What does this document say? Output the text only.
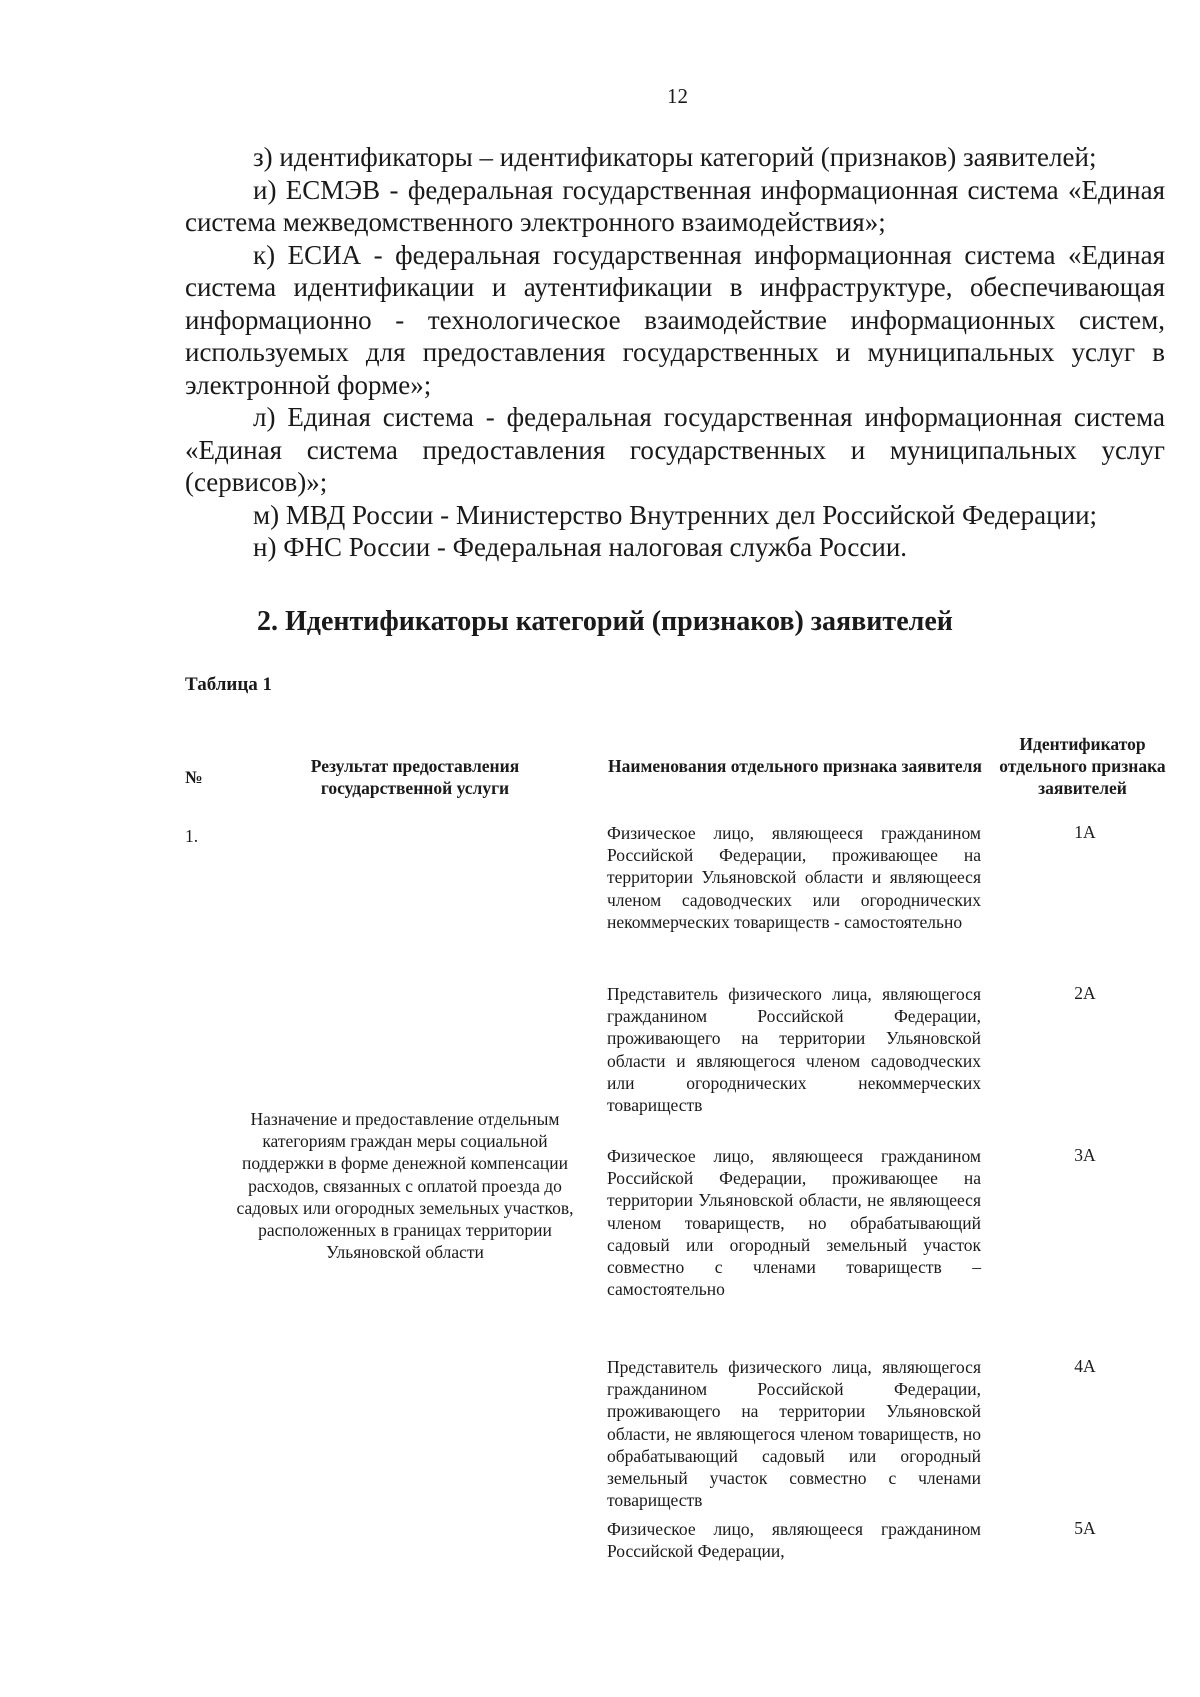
12

з) идентификаторы – идентификаторы категорий (признаков) заявителей;

и) ЕСМЭВ - федеральная государственная информационная система «Единая система межведомственного электронного взаимодействия»;

к) ЕСИА - федеральная государственная информационная система «Единая система идентификации и аутентификации в инфраструктуре, обеспечивающая информационно - технологическое взаимодействие информационных систем, используемых для предоставления государственных и муниципальных услуг в электронной форме»;

л) Единая система - федеральная государственная информационная система «Единая система предоставления государственных и муниципальных услуг (сервисов)»;

м) МВД России - Министерство Внутренних дел Российской Федерации;

н) ФНС России - Федеральная налоговая служба России.

2. Идентификаторы категорий (признаков) заявителей
Таблица 1
№
Результат предоставления государственной услуги
Наименования отдельного признака заявителя
Идентификатор отдельного признака заявителей
1.
Назначение и предоставление отдельным категориям граждан меры социальной поддержки в форме денежной компенсации расходов, связанных с оплатой проезда до садовых или огородных земельных участков, расположенных в границах территории Ульяновской области
Физическое лицо, являющееся гражданином Российской Федерации, проживающее на территории Ульяновской области и являющееся членом садоводческих или огороднических некоммерческих товариществ - самостоятельно
1А
Представитель физического лица, являющегося гражданином Российской Федерации, проживающего на территории Ульяновской области и являющегося членом садоводческих или огороднических некоммерческих товариществ
2А
Физическое лицо, являющееся гражданином Российской Федерации, проживающее на территории Ульяновской области, не являющееся членом товариществ, но обрабатывающий садовый или огородный земельный участок совместно с членами товариществ – самостоятельно
3А
Представитель физического лица, являющегося гражданином Российской Федерации, проживающего на территории Ульяновской области, не являющегося членом товариществ, но обрабатывающий садовый или огородный земельный участок совместно с членами товариществ
4А
Физическое лицо, являющееся гражданином Российской Федерации,
5А
